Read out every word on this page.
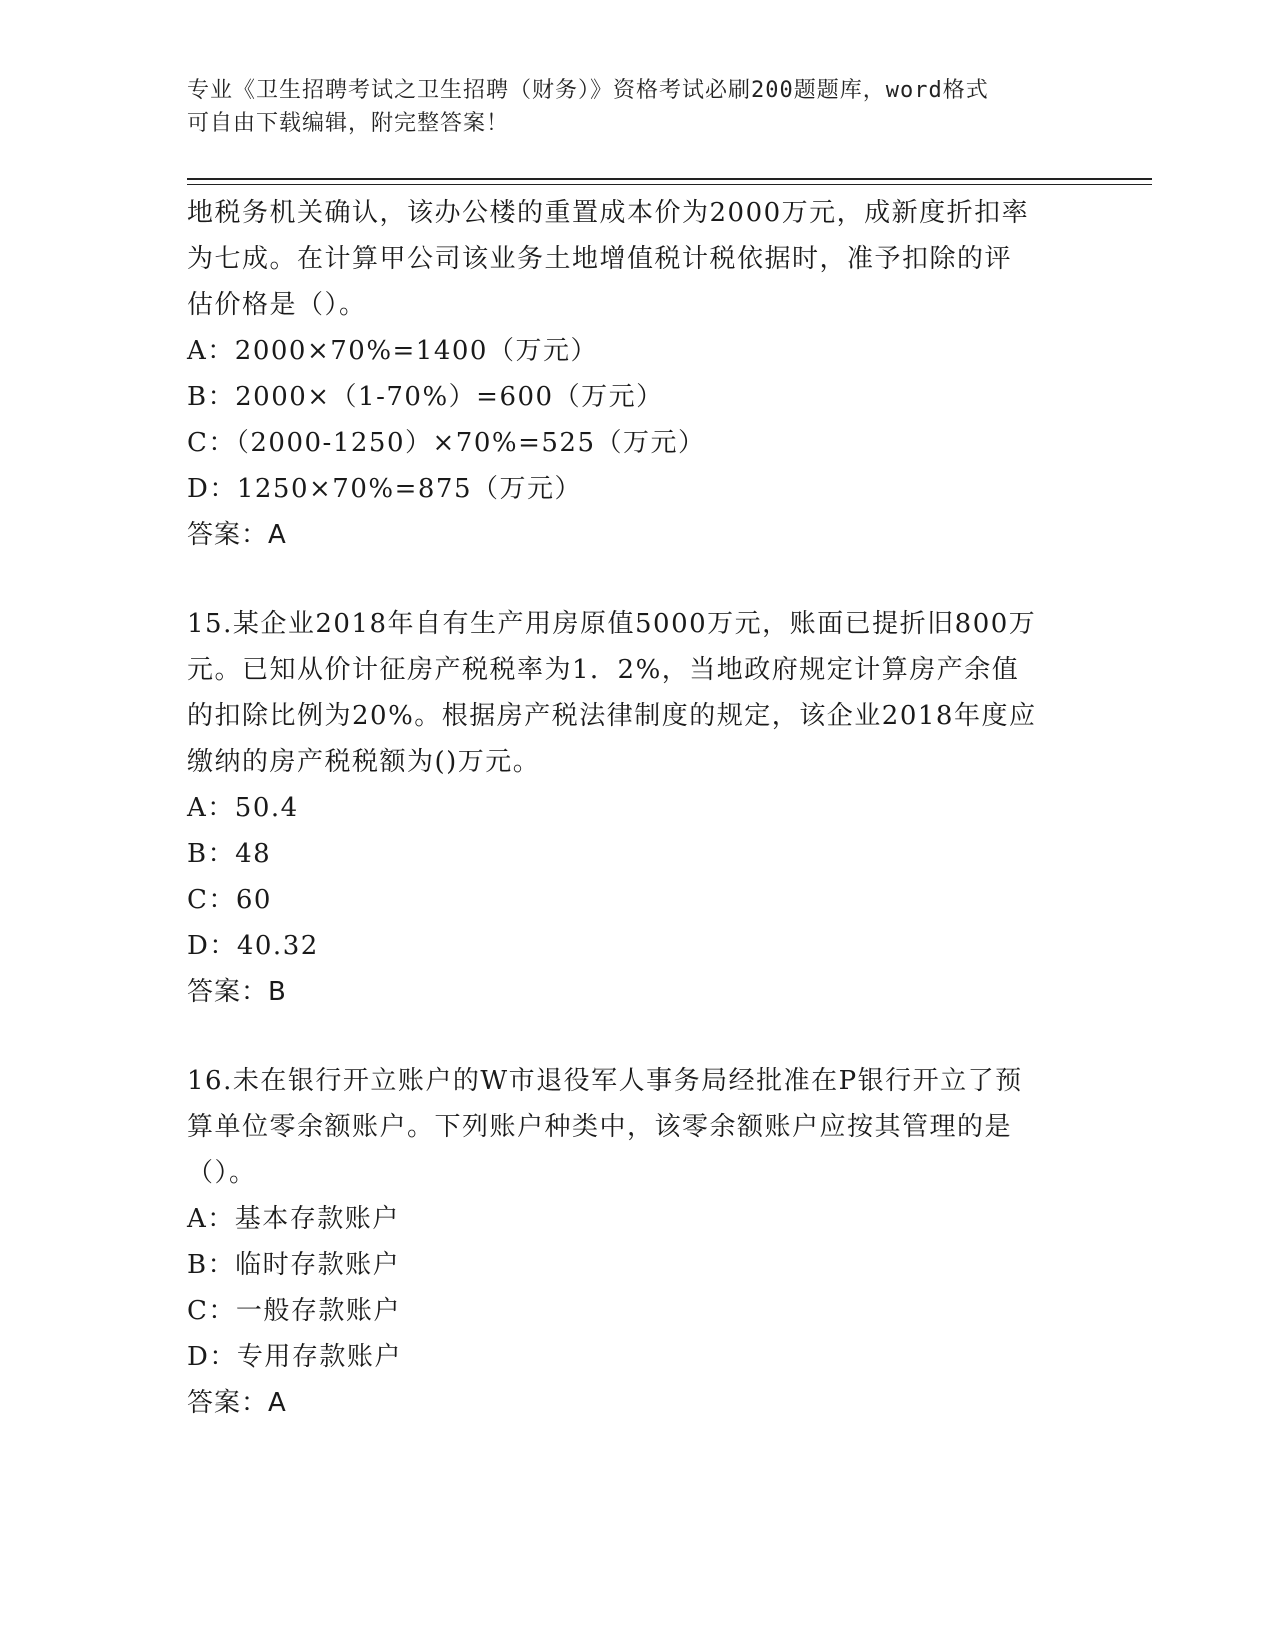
专业《卫生招聘考试之卫生招聘（财务）》资格考试必刷200题题库，word格式
可自由下载编辑，附完整答案！
地税务机关确认，该办公楼的重置成本价为2000万元，成新度折扣率
为七成。在计算甲公司该业务土地增值税计税依据时，准予扣除的评
估价格是（）。
A：2000×70%=1400（万元）
B：2000×（1-70%）=600（万元）
C：（2000-1250）×70%=525（万元）
D：1250×70%=875（万元）
答案：A
15.某企业2018年自有生产用房原值5000万元，账面已提折旧800万
元。已知从价计征房产税税率为1．2%，当地政府规定计算房产余值
的扣除比例为20%。根据房产税法律制度的规定，该企业2018年度应
缴纳的房产税税额为()万元。
A：50.4
B：48
C：60
D：40.32
答案：B
16.未在银行开立账户的W市退役军人事务局经批准在P银行开立了预
算单位零余额账户。下列账户种类中，该零余额账户应按其管理的是
（）。
A：基本存款账户
B：临时存款账户
C：一般存款账户
D：专用存款账户
答案：A
